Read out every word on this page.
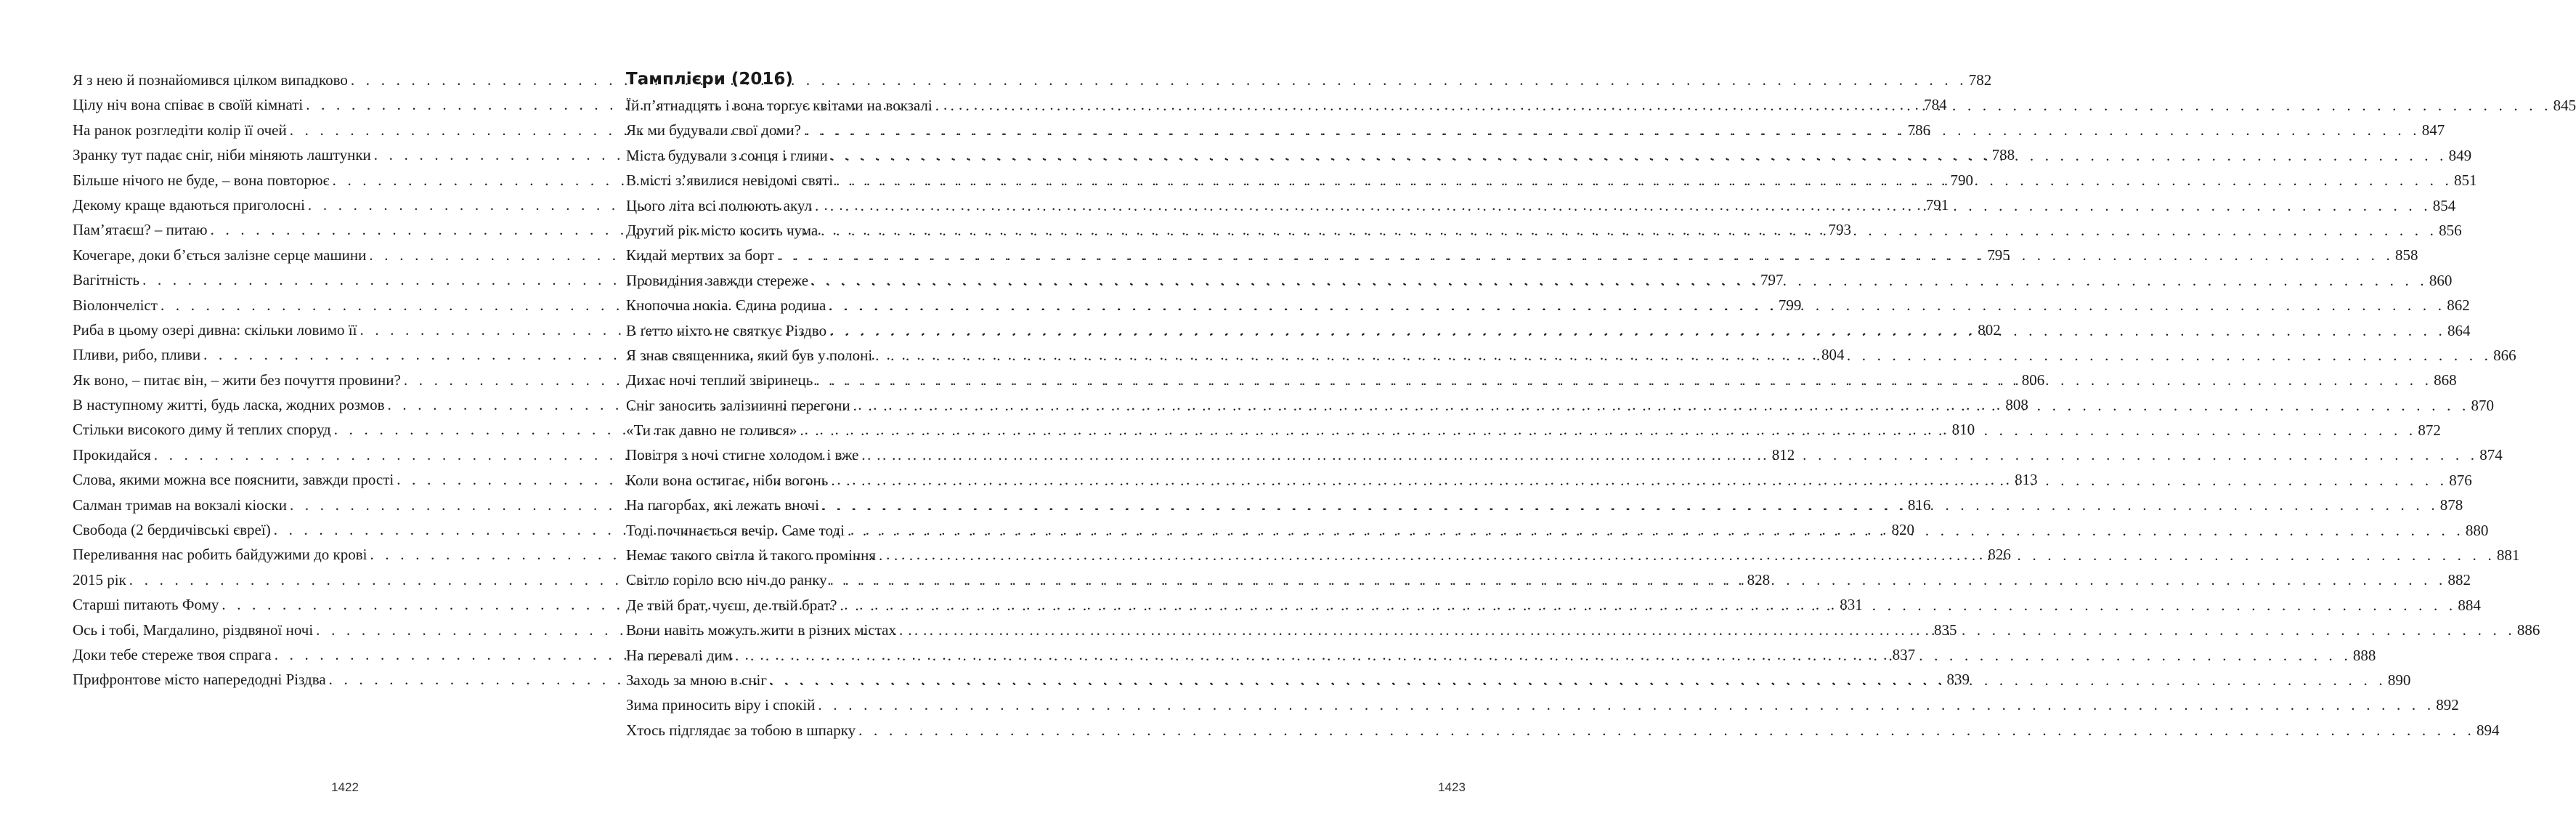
Я з нею й познайомився цілком випадково . . .	782
Цілу ніч вона співає в своїй кімнаті . . .	784
На ранок розгледіти колір її очей . . .	786
Зранку тут падає сніг, ніби міняють лаштунки . . .	788
Більше нічого не буде, – вона повторює . . .	790
Декому краще вдаються приголосні . . .	791
Пам’ятаєш? – питаю . . .	793
Кочегаре, доки б’ється залізне серце машини . . .	795
Вагітність . . .	797
Віолончеліст . . .	799
Риба в цьому озері дивна: скільки ловимо її . . .	802
Пливи, рибо, пливи . . .	804
Як воно, – питає він, – жити без почуття провини? . . .	806
В наступному житті, будь ласка, жодних розмов . . .	808
Стільки високого диму й теплих споруд . . .	810
Прокидайся . . .	812
Слова, якими можна все пояснити, завжди прості . . .	813
Салман тримав на вокзалі кіоски . . .	816
Свобода (2 бердичівські євреї) . . .	820
Переливання нас робить байдужими до крові . . .	826
2015 рік . . .	828
Старші питають Фому . . .	831
Ось і тобі, Магдалино, різдвяної ночі . . .	835
Доки тебе стереже твоя спрага . . .	837
Прифронтове місто напередодні Різдва . . .	839
1422
Тамплієри (2016)
Їй п’ятнадцять і вона торгує квітами на вокзалі . . .	845
Як ми будували свої доми? . . .	847
Міста будували з сонця і глини . . .	849
В місті з’явилися невідомі святі . . .	851
Цього літа всі полюють акул . . .	854
Другий рік місто косить чума . . .	856
Кидай мертвих за борт . . .	858
Провидіння завжди стереже . . .	860
Кнопочна нокіа. Єдина родина . . .	862
В ґетто ніхто не святкує Різдво . . .	864
Я знав священника, який був у полоні . . .	866
Дихає ночі теплий звіринець . . .	868
Сніг заносить залізничні перегони . . .	870
«Ти так давно не голився» . . .	872
Повітря з ночі стигне холодом і вже . . .	874
Коли вона остигає, ніби вогонь . . .	876
На пагорбах, які лежать вночі . . .	878
Тоді починається вечір. Саме тоді . . .	880
Немає такого світла й такого проміння . . .	881
Світло горіло всю ніч до ранку . . .	882
Де твій брат, чуєш, де твій брат? . . .	884
Вони навіть можуть жити в різних містах . . .	886
На перевалі дим . . .	888
Заходь за мною в сніг . . .	890
Зима приносить віру і спокій . . .	892
Хтось підглядає за тобою в шпарку . . .	894
1423
